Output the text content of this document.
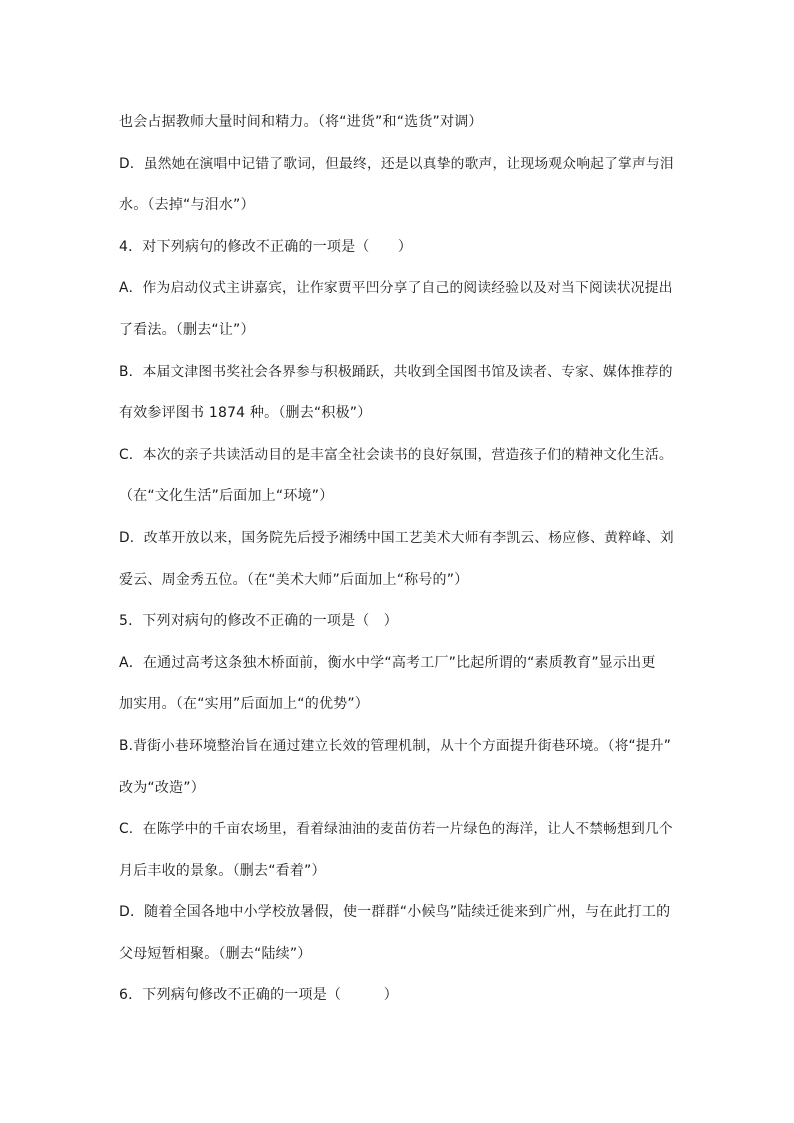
也会占据教师大量时间和精力。（将“进货”和“选货”对调）
D．虽然她在演唱中记错了歌词，但最终，还是以真挚的歌声，让现场观众响起了掌声与泪
水。（去掉“与泪水”）
4．对下列病句的修改不正确的一项是（　　）
A．作为启动仪式主讲嘉宾，让作家贾平凹分享了自己的阅读经验以及对当下阅读状况提出
了看法。（删去“让”）
B．本届文津图书奖社会各界参与积极踊跃，共收到全国图书馆及读者、专家、媒体推荐的
有效参评图书 1874 种。（删去“积极”）
C．本次的亲子共读活动目的是丰富全社会读书的良好氛围，营造孩子们的精神文化生活。
（在“文化生活”后面加上“环境”）
D．改革开放以来，国务院先后授予湘绣中国工艺美术大师有李凯云、杨应修、黄粹峰、刘
爱云、周金秀五位。（在“美术大师”后面加上“称号的”）
5．下列对病句的修改不正确的一项是（　）
A．在通过高考这条独木桥面前，衡水中学“高考工厂”比起所谓的“素质教育”显示出更
加实用。（在“实用”后面加上“的优势”）
B.背街小巷环境整治旨在通过建立长效的管理机制，从十个方面提升街巷环境。（将“提升”
改为“改造”）
C．在陈学中的千亩农场里，看着绿油油的麦苗仿若一片绿色的海洋，让人不禁畅想到几个
月后丰收的景象。（删去“看着”）
D．随着全国各地中小学校放暑假，使一群群“小候鸟”陆续迁徙来到广州，与在此打工的
父母短暂相聚。（删去“陆续”）
6．下列病句修改不正确的一项是（　　　）
